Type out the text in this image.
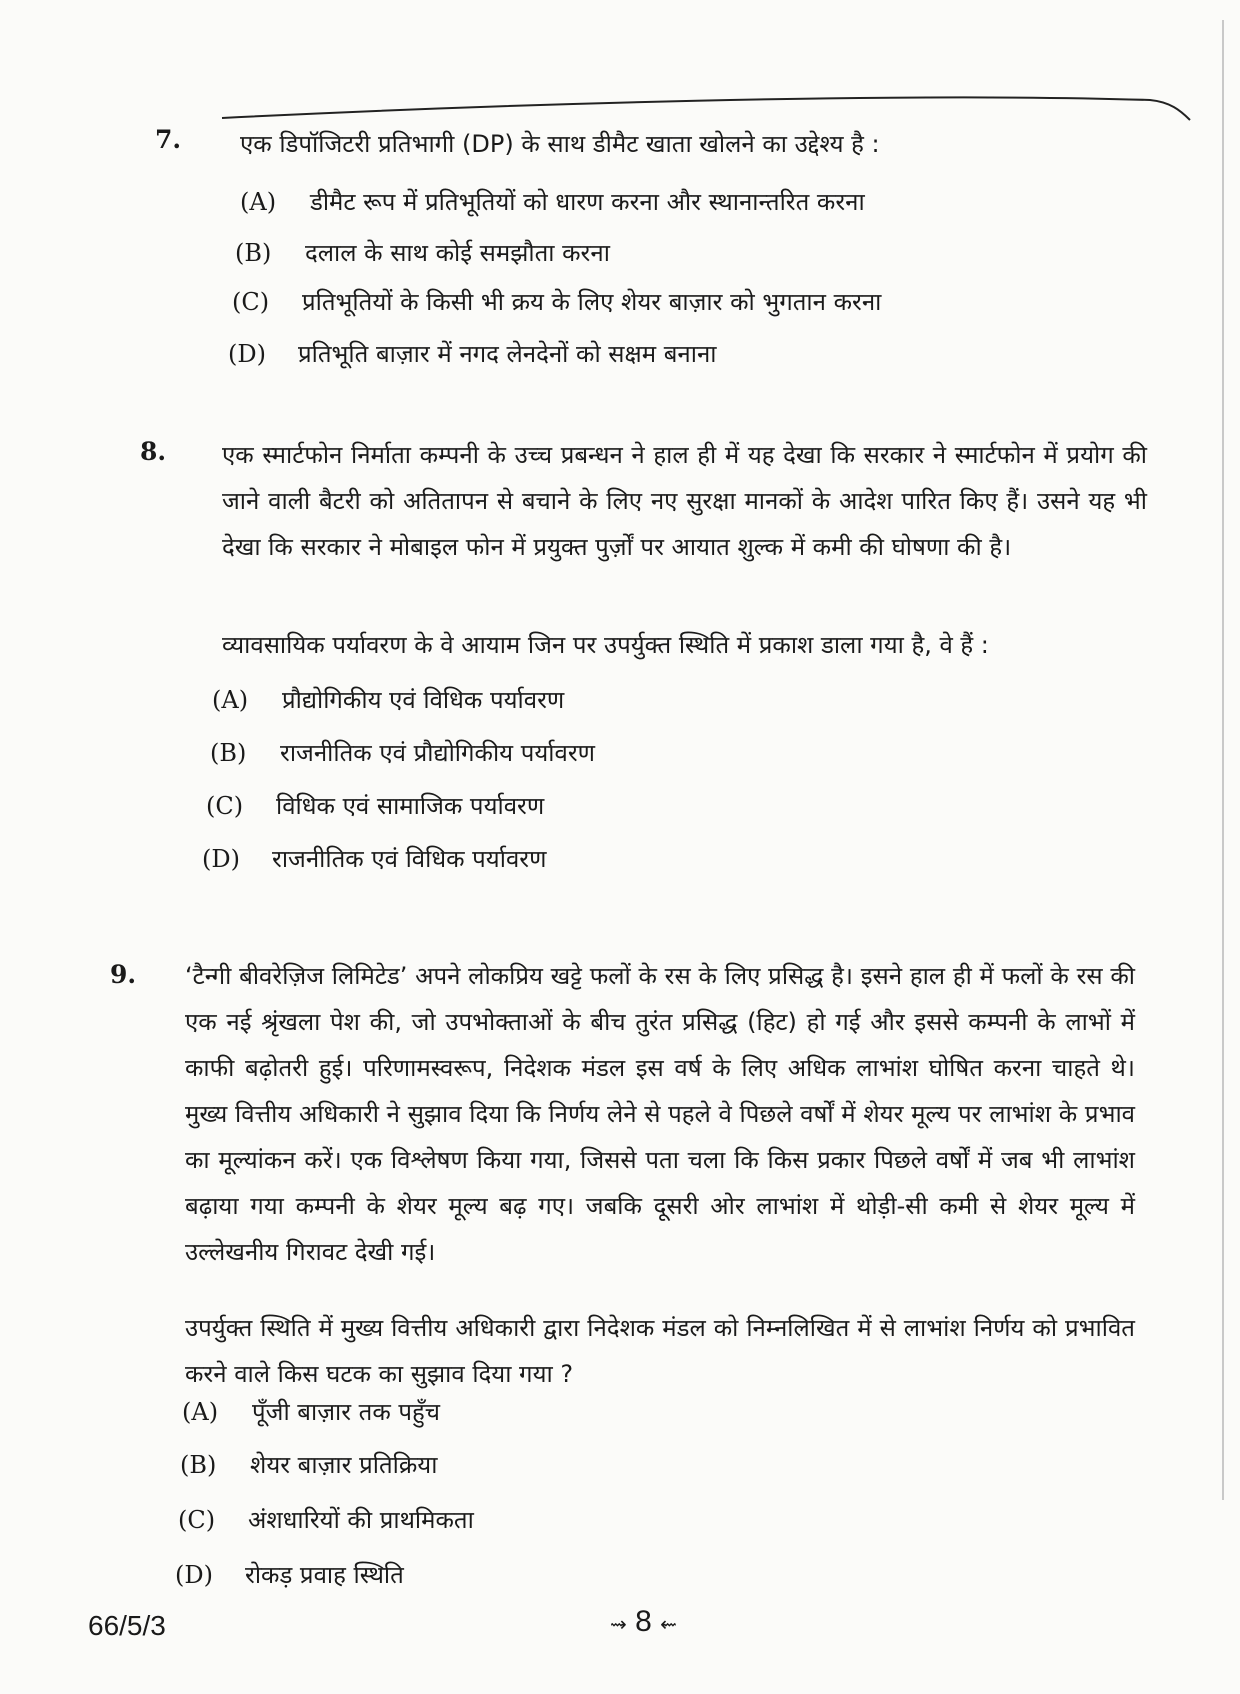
7. एक डिपॉजिटरी प्रतिभागी (DP) के साथ डीमैट खाता खोलने का उद्देश्य है :
(A) डीमैट रूप में प्रतिभूतियों को धारण करना और स्थानान्तरित करना
(B) दलाल के साथ कोई समझौता करना
(C) प्रतिभूतियों के किसी भी क्रय के लिए शेयर बाज़ार को भुगतान करना
(D) प्रतिभूति बाज़ार में नगद लेनदेनों को सक्षम बनाना
8. एक स्मार्टफोन निर्माता कम्पनी के उच्च प्रबन्धन ने हाल ही में यह देखा कि सरकार ने स्मार्टफोन में प्रयोग की जाने वाली बैटरी को अतितापन से बचाने के लिए नए सुरक्षा मानकों के आदेश पारित किए हैं। उसने यह भी देखा कि सरकार ने मोबाइल फोन में प्रयुक्त पुर्ज़ों पर आयात शुल्क में कमी की घोषणा की है।
व्यावसायिक पर्यावरण के वे आयाम जिन पर उपर्युक्त स्थिति में प्रकाश डाला गया है, वे हैं :
(A) प्रौद्योगिकीय एवं विधिक पर्यावरण
(B) राजनीतिक एवं प्रौद्योगिकीय पर्यावरण
(C) विधिक एवं सामाजिक पर्यावरण
(D) राजनीतिक एवं विधिक पर्यावरण
9. ‘टैन्गी बीवरेज़िज लिमिटेड’ अपने लोकप्रिय खट्टे फलों के रस के लिए प्रसिद्ध है। इसने हाल ही में फलों के रस की एक नई श्रृंखला पेश की, जो उपभोक्ताओं के बीच तुरंत प्रसिद्ध (हिट) हो गई और इससे कम्पनी के लाभों में काफी बढ़ोतरी हुई। परिणामस्वरूप, निदेशक मंडल इस वर्ष के लिए अधिक लाभांश घोषित करना चाहते थे। मुख्य वित्तीय अधिकारी ने सुझाव दिया कि निर्णय लेने से पहले वे पिछले वर्षों में शेयर मूल्य पर लाभांश के प्रभाव का मूल्यांकन करें। एक विश्लेषण किया गया, जिससे पता चला कि किस प्रकार पिछले वर्षों में जब भी लाभांश बढ़ाया गया कम्पनी के शेयर मूल्य बढ़ गए। जबकि दूसरी ओर लाभांश में थोड़ी-सी कमी से शेयर मूल्य में उल्लेखनीय गिरावट देखी गई।
उपर्युक्त स्थिति में मुख्य वित्तीय अधिकारी द्वारा निदेशक मंडल को निम्नलिखित में से लाभांश निर्णय को प्रभावित करने वाले किस घटक का सुझाव दिया गया ?
(A) पूँजी बाज़ार तक पहुँच
(B) शेयर बाज़ार प्रतिक्रिया
(C) अंशधारियों की प्राथमिकता
(D) रोकड़ प्रवाह स्थिति
66/5/3	⇝ 8 ⇜
